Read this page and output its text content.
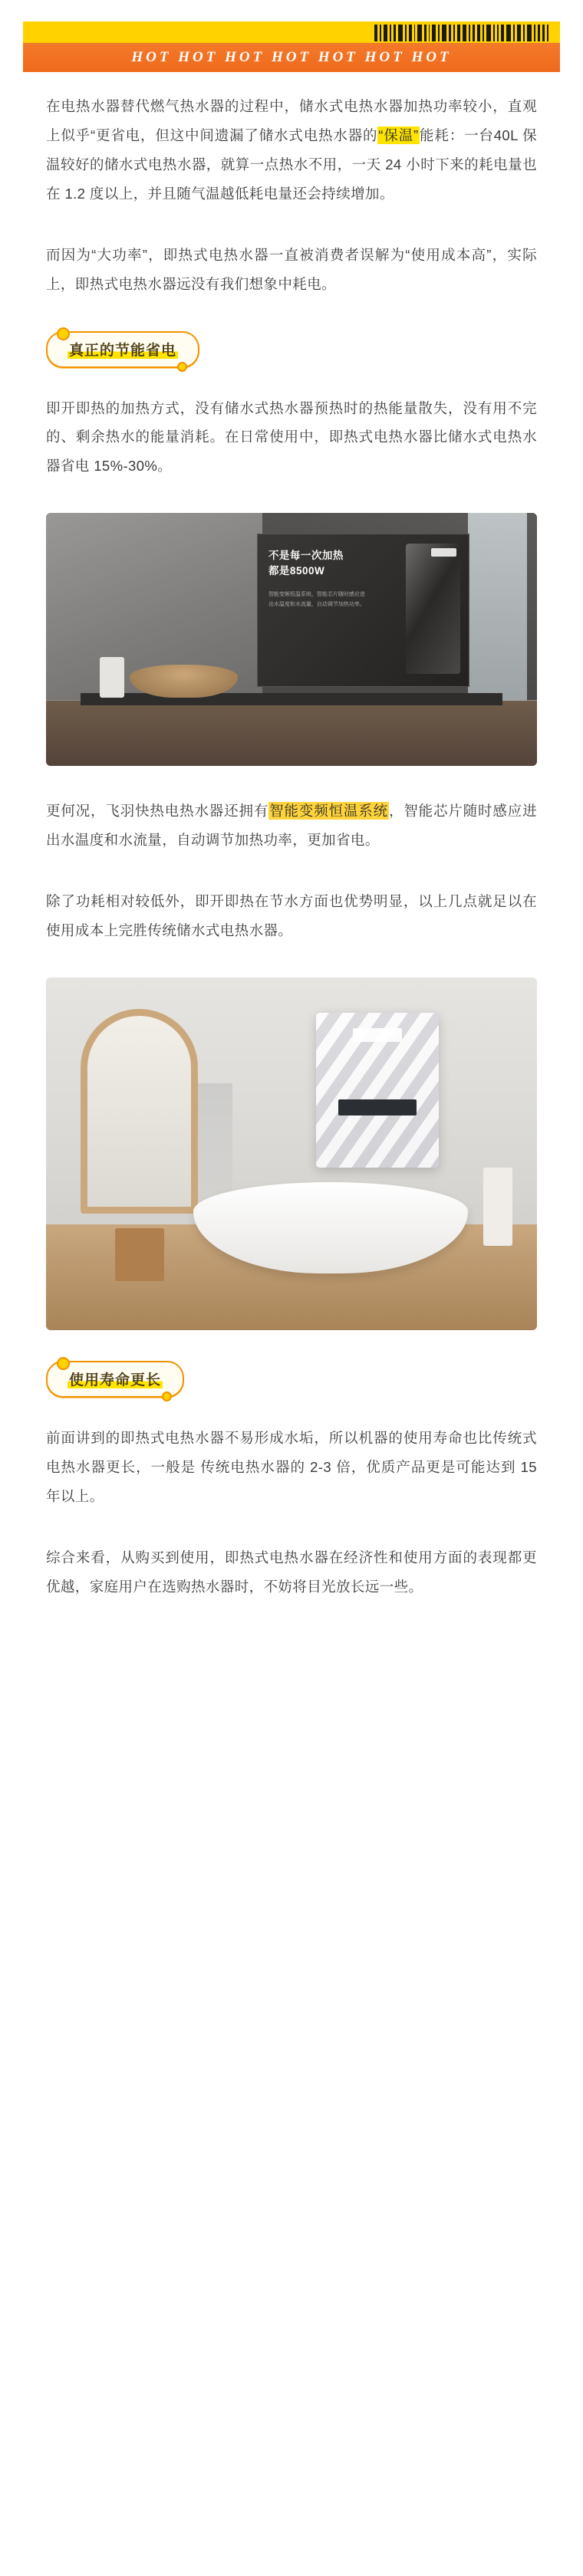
HOT HOT HOT HOT HOT HOT HOT

在电热水器替代燃气热水器的过程中，储水式电热水器加热功率较小，直观上似乎“更省电，但这中间遗漏了储水式电热水器的“保温”能耗：一台40L 保温较好的储水式电热水器，就算一点热水不用，一天 24 小时下来的耗电量也在 1.2 度以上，并且随气温越低耗电量还会持续增加。

而因为“大功率”，即热式电热水器一直被消费者误解为“使用成本高”，实际上，即热式电热水器远没有我们想象中耗电。

真正的节能省电

即开即热的加热方式，没有储水式热水器预热时的热能量散失，没有用不完的、剩余热水的能量消耗。在日常使用中，即热式电热水器比储水式电热水器省电 15%-30%。

不是每一次加热
都是8500W
智能变频恒温系统，智能芯片随时感应进出水温度和水流量，自动调节加热功率。

更何况，飞羽快热电热水器还拥有智能变频恒温系统，智能芯片随时感应进出水温度和水流量，自动调节加热功率，更加省电。

除了功耗相对较低外，即开即热在节水方面也优势明显，以上几点就足以在使用成本上完胜传统储水式电热水器。

使用寿命更长

前面讲到的即热式电热水器不易形成水垢，所以机器的使用寿命也比传统式电热水器更长，一般是 传统电热水器的 2-3 倍，优质产品更是可能达到 15 年以上。

综合来看，从购买到使用，即热式电热水器在经济性和使用方面的表现都更优越，家庭用户在选购热水器时，不妨将目光放长远一些。
